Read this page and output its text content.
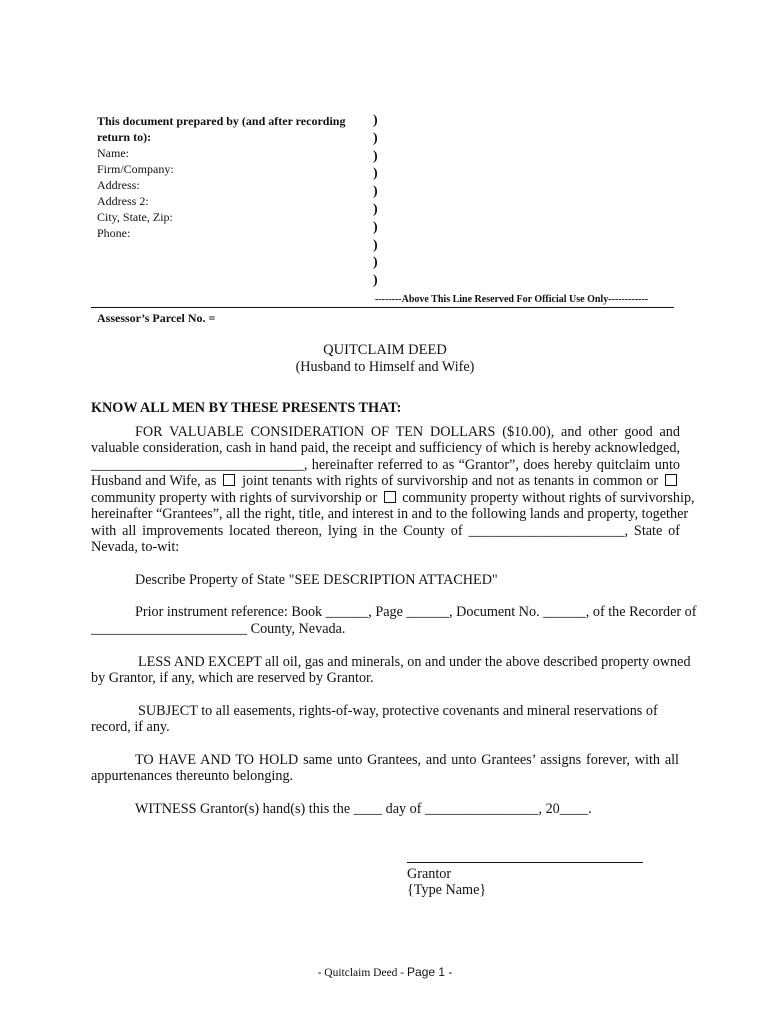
This document prepared by (and after recording
return to):
Name:
Firm/Company:
Address:
Address 2:
City, State, Zip:
Phone:
)
)
)
)
)
)
)
)
)
)
--------Above This Line Reserved For Official Use Only------------
Assessor’s Parcel No. =
QUITCLAIM DEED
(Husband to Himself and Wife)
KNOW ALL MEN BY THESE PRESENTS THAT:
FOR VALUABLE CONSIDERATION OF TEN DOLLARS ($10.00), and other good and
valuable consideration, cash in hand paid, the receipt and sufficiency of which is hereby acknowledged,
______________________________, hereinafter referred to as “Grantor”, does hereby quitclaim unto
Husband and Wife, as joint tenants with rights of survivorship and not as tenants in common or
community property with rights of survivorship or community property without rights of survivorship,
hereinafter “Grantees”, all the right, title, and interest in and to the following lands and property, together
with all improvements located thereon, lying in the County of ______________________, State of
Nevada, to-wit:
Describe Property of State "SEE DESCRIPTION ATTACHED"
Prior instrument reference: Book ______, Page ______, Document No. ______, of the Recorder of
______________________ County, Nevada.
LESS AND EXCEPT all oil, gas and minerals, on and under the above described property owned
by Grantor, if any, which are reserved by Grantor.
SUBJECT to all easements, rights-of-way, protective covenants and mineral reservations of
record, if any.
TO HAVE AND TO HOLD same unto Grantees, and unto Grantees’ assigns forever, with all
appurtenances thereunto belonging.
WITNESS Grantor(s) hand(s) this the ____ day of ________________, 20____.
Grantor
{Type Name}
- Quitclaim Deed - Page 1 -
